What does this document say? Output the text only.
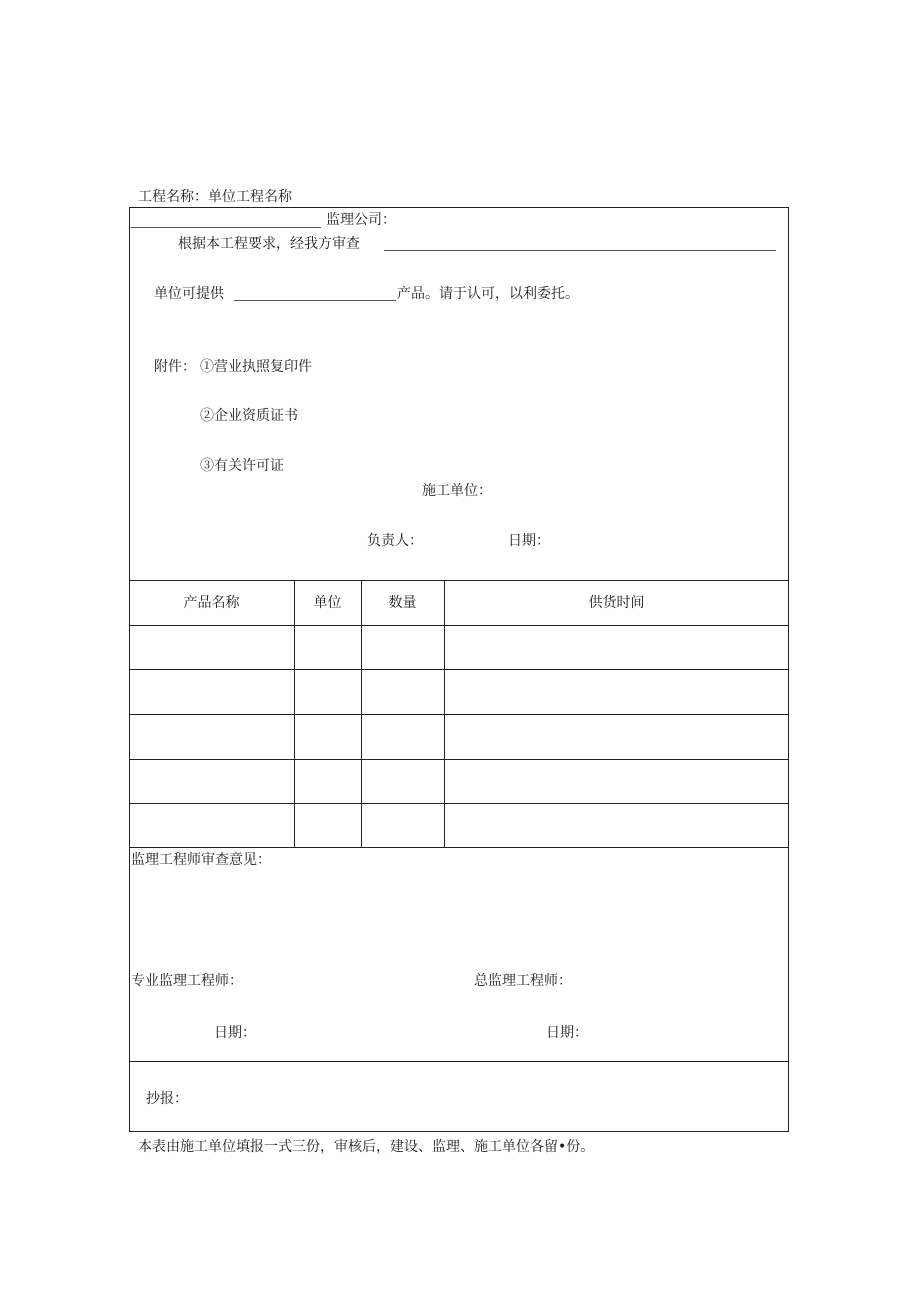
工程名称：单位工程名称
监理公司：
根据本工程要求，经我方审查
单位可提供	产品。请于认可，以利委托。
附件： ①营业执照复印件
②企业资质证书
③有关许可证
施工单位：
负责人：	日期：
产品名称	单位	数量	供货时间
监理工程师审查意见：
专业监理工程师：	总监理工程师：
日期：	日期：
抄报：
本表由施工单位填报一式三份，审核后，建设、监理、施工单位各留•份。
